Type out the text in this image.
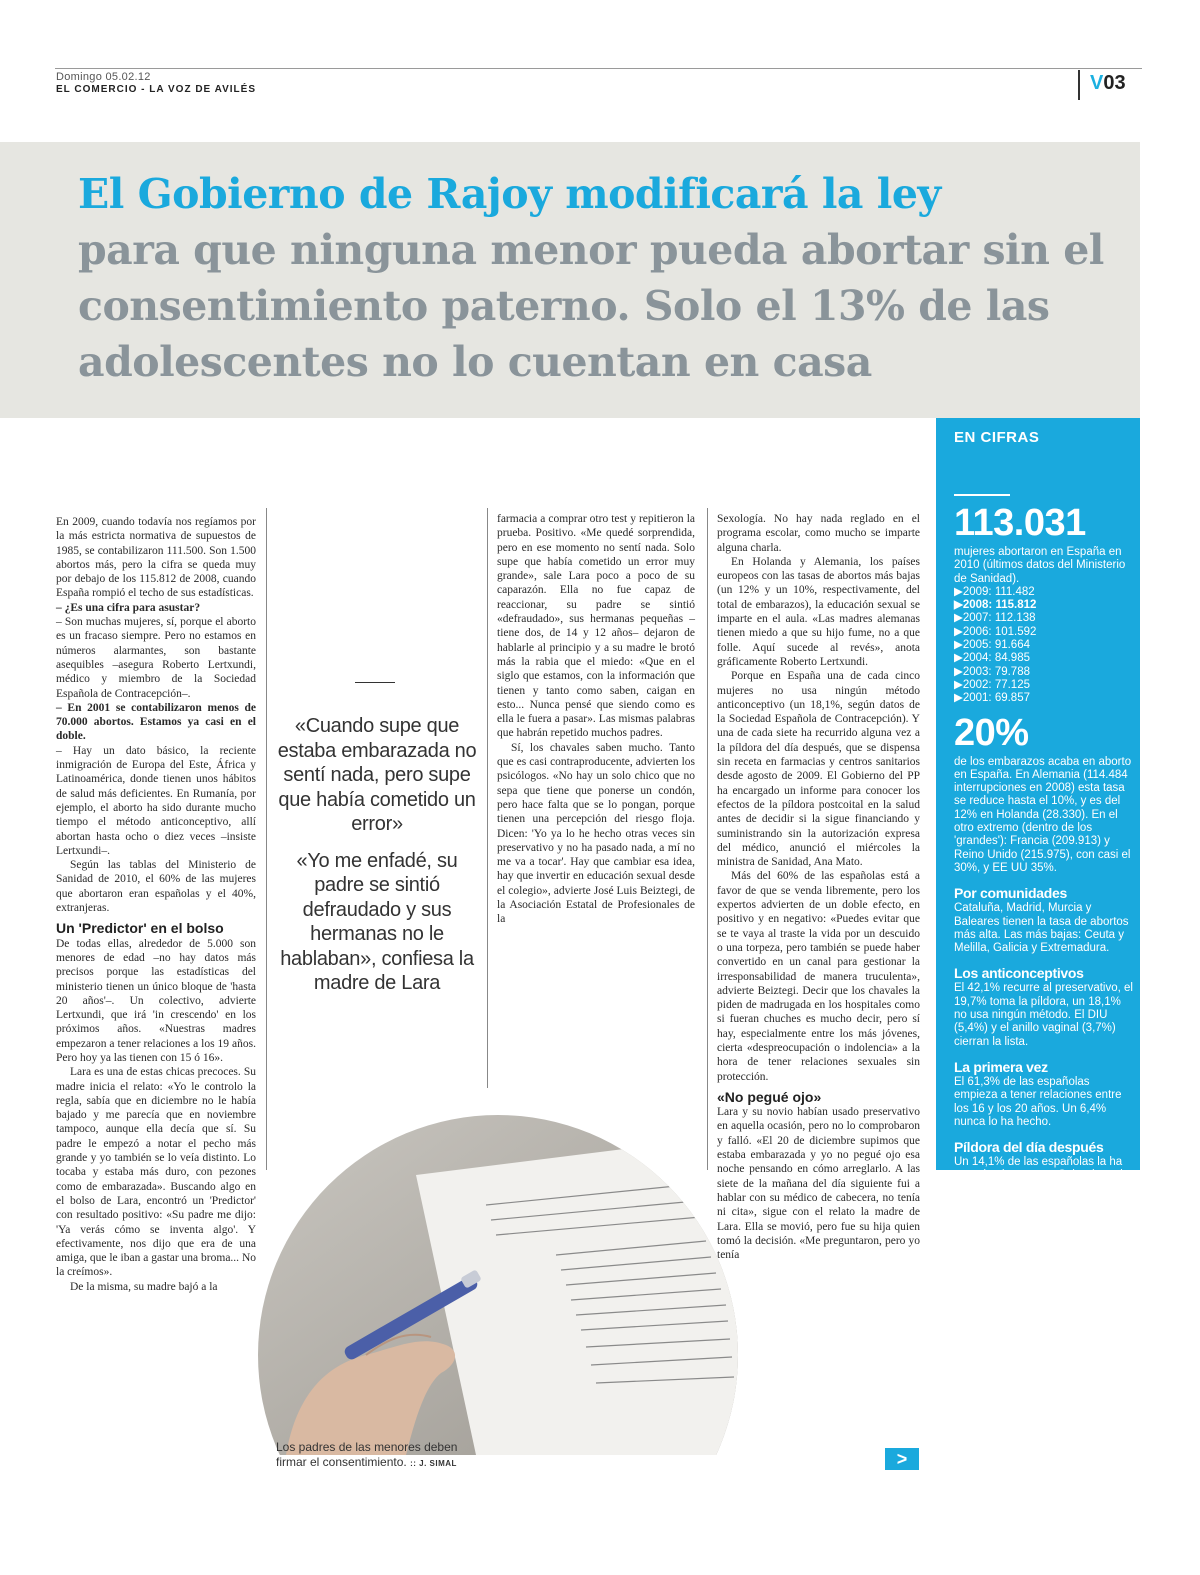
Domingo 05.02.12
EL COMERCIO - LA VOZ DE AVILÉS	V03
El Gobierno de Rajoy modificará la ley
para que ninguna menor pueda abortar sin el consentimiento paterno. Solo el 13% de las adolescentes no lo cuentan en casa

En 2009, cuando todavía nos regíamos por la más estricta normativa de supuestos de 1985, se contabilizaron 111.500. Son 1.500 abortos más, pero la cifra se queda muy por debajo de los 115.812 de 2008, cuando España rompió el techo de sus estadísticas.

– ¿Es una cifra para asustar?

– Son muchas mujeres, sí, porque el aborto es un fracaso siempre. Pero no estamos en números alarmantes, son bastante asequibles –asegura Roberto Lertxundi, médico y miembro de la Sociedad Española de Contracepción–.

– En 2001 se contabilizaron menos de 70.000 abortos. Estamos ya casi en el doble.

– Hay un dato básico, la reciente inmigración de Europa del Este, África y Latinoamérica, donde tienen unos hábitos de salud más deficientes. En Rumanía, por ejemplo, el aborto ha sido durante mucho tiempo el método anticonceptivo, allí abortan hasta ocho o diez veces –insiste Lertxundi–.

Según las tablas del Ministerio de Sanidad de 2010, el 60% de las mujeres que abortaron eran españolas y el 40%, extranjeras.

Un 'Predictor' en el bolso

De todas ellas, alrededor de 5.000 son menores de edad –no hay datos más precisos porque las estadísticas del ministerio tienen un único bloque de 'hasta 20 años'–. Un colectivo, advierte Lertxundi, que irá 'in crescendo' en los próximos años. «Nuestras madres empezaron a tener relaciones a los 19 años. Pero hoy ya las tienen con 15 ó 16».

Lara es una de estas chicas precoces. Su madre inicia el relato: «Yo le controlo la regla, sabía que en diciembre no le había bajado y me parecía que en noviembre tampoco, aunque ella decía que sí. Su padre le empezó a notar el pecho más grande y yo también se lo veía distinto. Lo tocaba y estaba más duro, con pezones como de embarazada». Buscando algo en el bolso de Lara, encontró un 'Predictor' con resultado positivo: «Su padre me dijo: 'Ya verás cómo se inventa algo'. Y efectivamente, nos dijo que era de una amiga, que le iban a gastar una broma... No la creímos».

De la misma, su madre bajó a la

«Cuando supe que estaba embarazada no sentí nada, pero supe que había cometido un error»

«Yo me enfadé, su padre se sintió defraudado y sus hermanas no le hablaban», confiesa la madre de Lara

farmacia a comprar otro test y repitieron la prueba. Positivo. «Me quedé sorprendida, pero en ese momento no sentí nada. Solo supe que había cometido un error muy grande», sale Lara poco a poco de su caparazón. Ella no fue capaz de reaccionar, su padre se sintió «defraudado», sus hermanas pequeñas –tiene dos, de 14 y 12 años– dejaron de hablarle al principio y a su madre le brotó más la rabia que el miedo: «Que en el siglo que estamos, con la información que tienen y tanto como saben, caigan en esto... Nunca pensé que siendo como es ella le fuera a pasar». Las mismas palabras que habrán repetido muchos padres.

Sí, los chavales saben mucho. Tanto que es casi contraproducente, advierten los psicólogos. «No hay un solo chico que no sepa que tiene que ponerse un condón, pero hace falta que se lo pongan, porque tienen una percepción del riesgo floja. Dicen: 'Yo ya lo he hecho otras veces sin preservativo y no ha pasado nada, a mí no me va a tocar'. Hay que cambiar esa idea, hay que invertir en educación sexual desde el colegio», advierte José Luis Beiztegi, de la Asociación Estatal de Profesionales de la

Sexología. No hay nada reglado en el programa escolar, como mucho se imparte alguna charla.

En Holanda y Alemania, los países europeos con las tasas de abortos más bajas (un 12% y un 10%, respectivamente, del total de embarazos), la educación sexual se imparte en el aula. «Las madres alemanas tienen miedo a que su hijo fume, no a que folle. Aquí sucede al revés», anota gráficamente Roberto Lertxundi.

Porque en España una de cada cinco mujeres no usa ningún método anticonceptivo (un 18,1%, según datos de la Sociedad Española de Contracepción). Y una de cada siete ha recurrido alguna vez a la píldora del día después, que se dispensa sin receta en farmacias y centros sanitarios desde agosto de 2009. El Gobierno del PP ha encargado un informe para conocer los efectos de la píldora postcoital en la salud antes de decidir si la sigue financiando y suministrando sin la autorización expresa del médico, anunció el miércoles la ministra de Sanidad, Ana Mato.

Más del 60% de las españolas está a favor de que se venda libremente, pero los expertos advierten de un doble efecto, en positivo y en negativo: «Puedes evitar que se te vaya al traste la vida por un descuido o una torpeza, pero también se puede haber convertido en un canal para gestionar la irresponsabilidad de manera truculenta», advierte Beiztegi. Decir que los chavales la piden de madrugada en los hospitales como si fueran chuches es mucho decir, pero sí hay, especialmente entre los más jóvenes, cierta «despreocupación o indolencia» a la hora de tener relaciones sexuales sin protección.

«No pegué ojo»

Lara y su novio habían usado preservativo en aquella ocasión, pero no lo comprobaron y falló. «El 20 de diciembre supimos que estaba embarazada y yo no pegué ojo esa noche pensando en cómo arreglarlo. A las siete de la mañana del día siguiente fui a hablar con su médico de cabecera, no tenía ni cita», sigue con el relato la madre de Lara. Ella se movió, pero fue su hija quien tomó la decisión. «Me preguntaron, pero yo tenía

Los padres de las menores deben firmar el consentimiento. :: J. SIMAL	>
EN CIFRAS
113.031

mujeres abortaron en España en 2010 (últimos datos del Ministerio de Sanidad).

▶2009: 111.482
▶2008: 115.812
▶2007: 112.138
▶2006: 101.592
▶2005: 91.664
▶2004: 84.985
▶2003: 79.788
▶2002: 77.125
▶2001: 69.857
20%

de los embarazos acaba en aborto en España. En Alemania (114.484 interrupciones en 2008) esta tasa se reduce hasta el 10%, y es del 12% en Holanda (28.330). En el otro extremo (dentro de los 'grandes'): Francia (209.913) y Reino Unido (215.975), con casi el 30%, y EE UU 35%.

Por comunidades

Cataluña, Madrid, Murcia y Baleares tienen la tasa de abortos más alta. Las más bajas: Ceuta y Melilla, Galicia y Extremadura.

Los anticonceptivos

El 42,1% recurre al preservativo, el 19,7% toma la píldora, un 18,1% no usa ningún método. El DIU (5,4%) y el anillo vaginal (3,7%) cierran la lista.

La primera vez

El 61,3% de las españolas empieza a tener relaciones entre los 16 y los 20 años. Un 6,4% nunca lo ha hecho.

Píldora del día después

Un 14,1% de las españolas la ha tomado alguna vez. Ocho de cada diez lo hicieron porque habían tenido problemas con el anticonceptivo. El 60% de las mujeres cree que su uso puede ser grave para la salud, pero se muestran favorables a su libre dispensación.
